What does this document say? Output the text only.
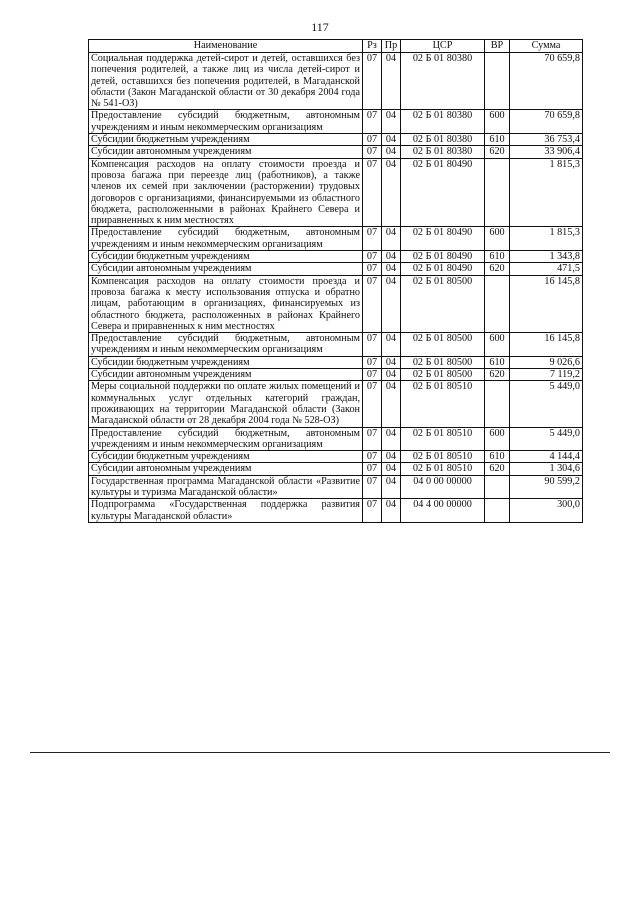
117
Наименование	Рз	Пр	ЦСР	ВР	Сумма
Социальная поддержка детей-сирот и детей, оставшихся без попечения родителей, а также лиц из числа детей-сирот и детей, оставшихся без попечения родителей, в Магаданской области (Закон Магаданской области от 30 декабря 2004 года № 541-ОЗ)	07	04	02 Б 01 80380		70 659,8
Предоставление субсидий бюджетным, автономным учреждениям и иным некоммерческим организациям	07	04	02 Б 01 80380	600	70 659,8
Субсидии бюджетным учреждениям	07	04	02 Б 01 80380	610	36 753,4
Субсидии автономным учреждениям	07	04	02 Б 01 80380	620	33 906,4
Компенсация расходов на оплату стоимости проезда и провоза багажа при переезде лиц (работников), а также членов их семей при заключении (расторжении) трудовых договоров с организациями, финансируемыми из областного бюджета, расположенными в районах Крайнего Севера и приравненных к ним местностях	07	04	02 Б 01 80490		1 815,3
Предоставление субсидий бюджетным, автономным учреждениям и иным некоммерческим организациям	07	04	02 Б 01 80490	600	1 815,3
Субсидии бюджетным учреждениям	07	04	02 Б 01 80490	610	1 343,8
Субсидии автономным учреждениям	07	04	02 Б 01 80490	620	471,5
Компенсация расходов на оплату стоимости проезда и провоза багажа к месту использования отпуска и обратно лицам, работающим в организациях, финансируемых из областного бюджета, расположенных в районах Крайнего Севера и приравненных к ним местностях	07	04	02 Б 01 80500		16 145,8
Предоставление субсидий бюджетным, автономным учреждениям и иным некоммерческим организациям	07	04	02 Б 01 80500	600	16 145,8
Субсидии бюджетным учреждениям	07	04	02 Б 01 80500	610	9 026,6
Субсидии автономным учреждениям	07	04	02 Б 01 80500	620	7 119,2
Меры социальной поддержки по оплате жилых помещений и коммунальных услуг отдельных категорий граждан, проживающих на территории Магаданской области (Закон Магаданской области от 28 декабря 2004 года № 528-ОЗ)	07	04	02 Б 01 80510		5 449,0
Предоставление субсидий бюджетным, автономным учреждениям и иным некоммерческим организациям	07	04	02 Б 01 80510	600	5 449,0
Субсидии бюджетным учреждениям	07	04	02 Б 01 80510	610	4 144,4
Субсидии автономным учреждениям	07	04	02 Б 01 80510	620	1 304,6
Государственная программа Магаданской области «Развитие культуры и туризма Магаданской области»	07	04	04 0 00 00000		90 599,2
Подпрограмма «Государственная поддержка развития культуры Магаданской области»	07	04	04 4 00 00000		300,0
